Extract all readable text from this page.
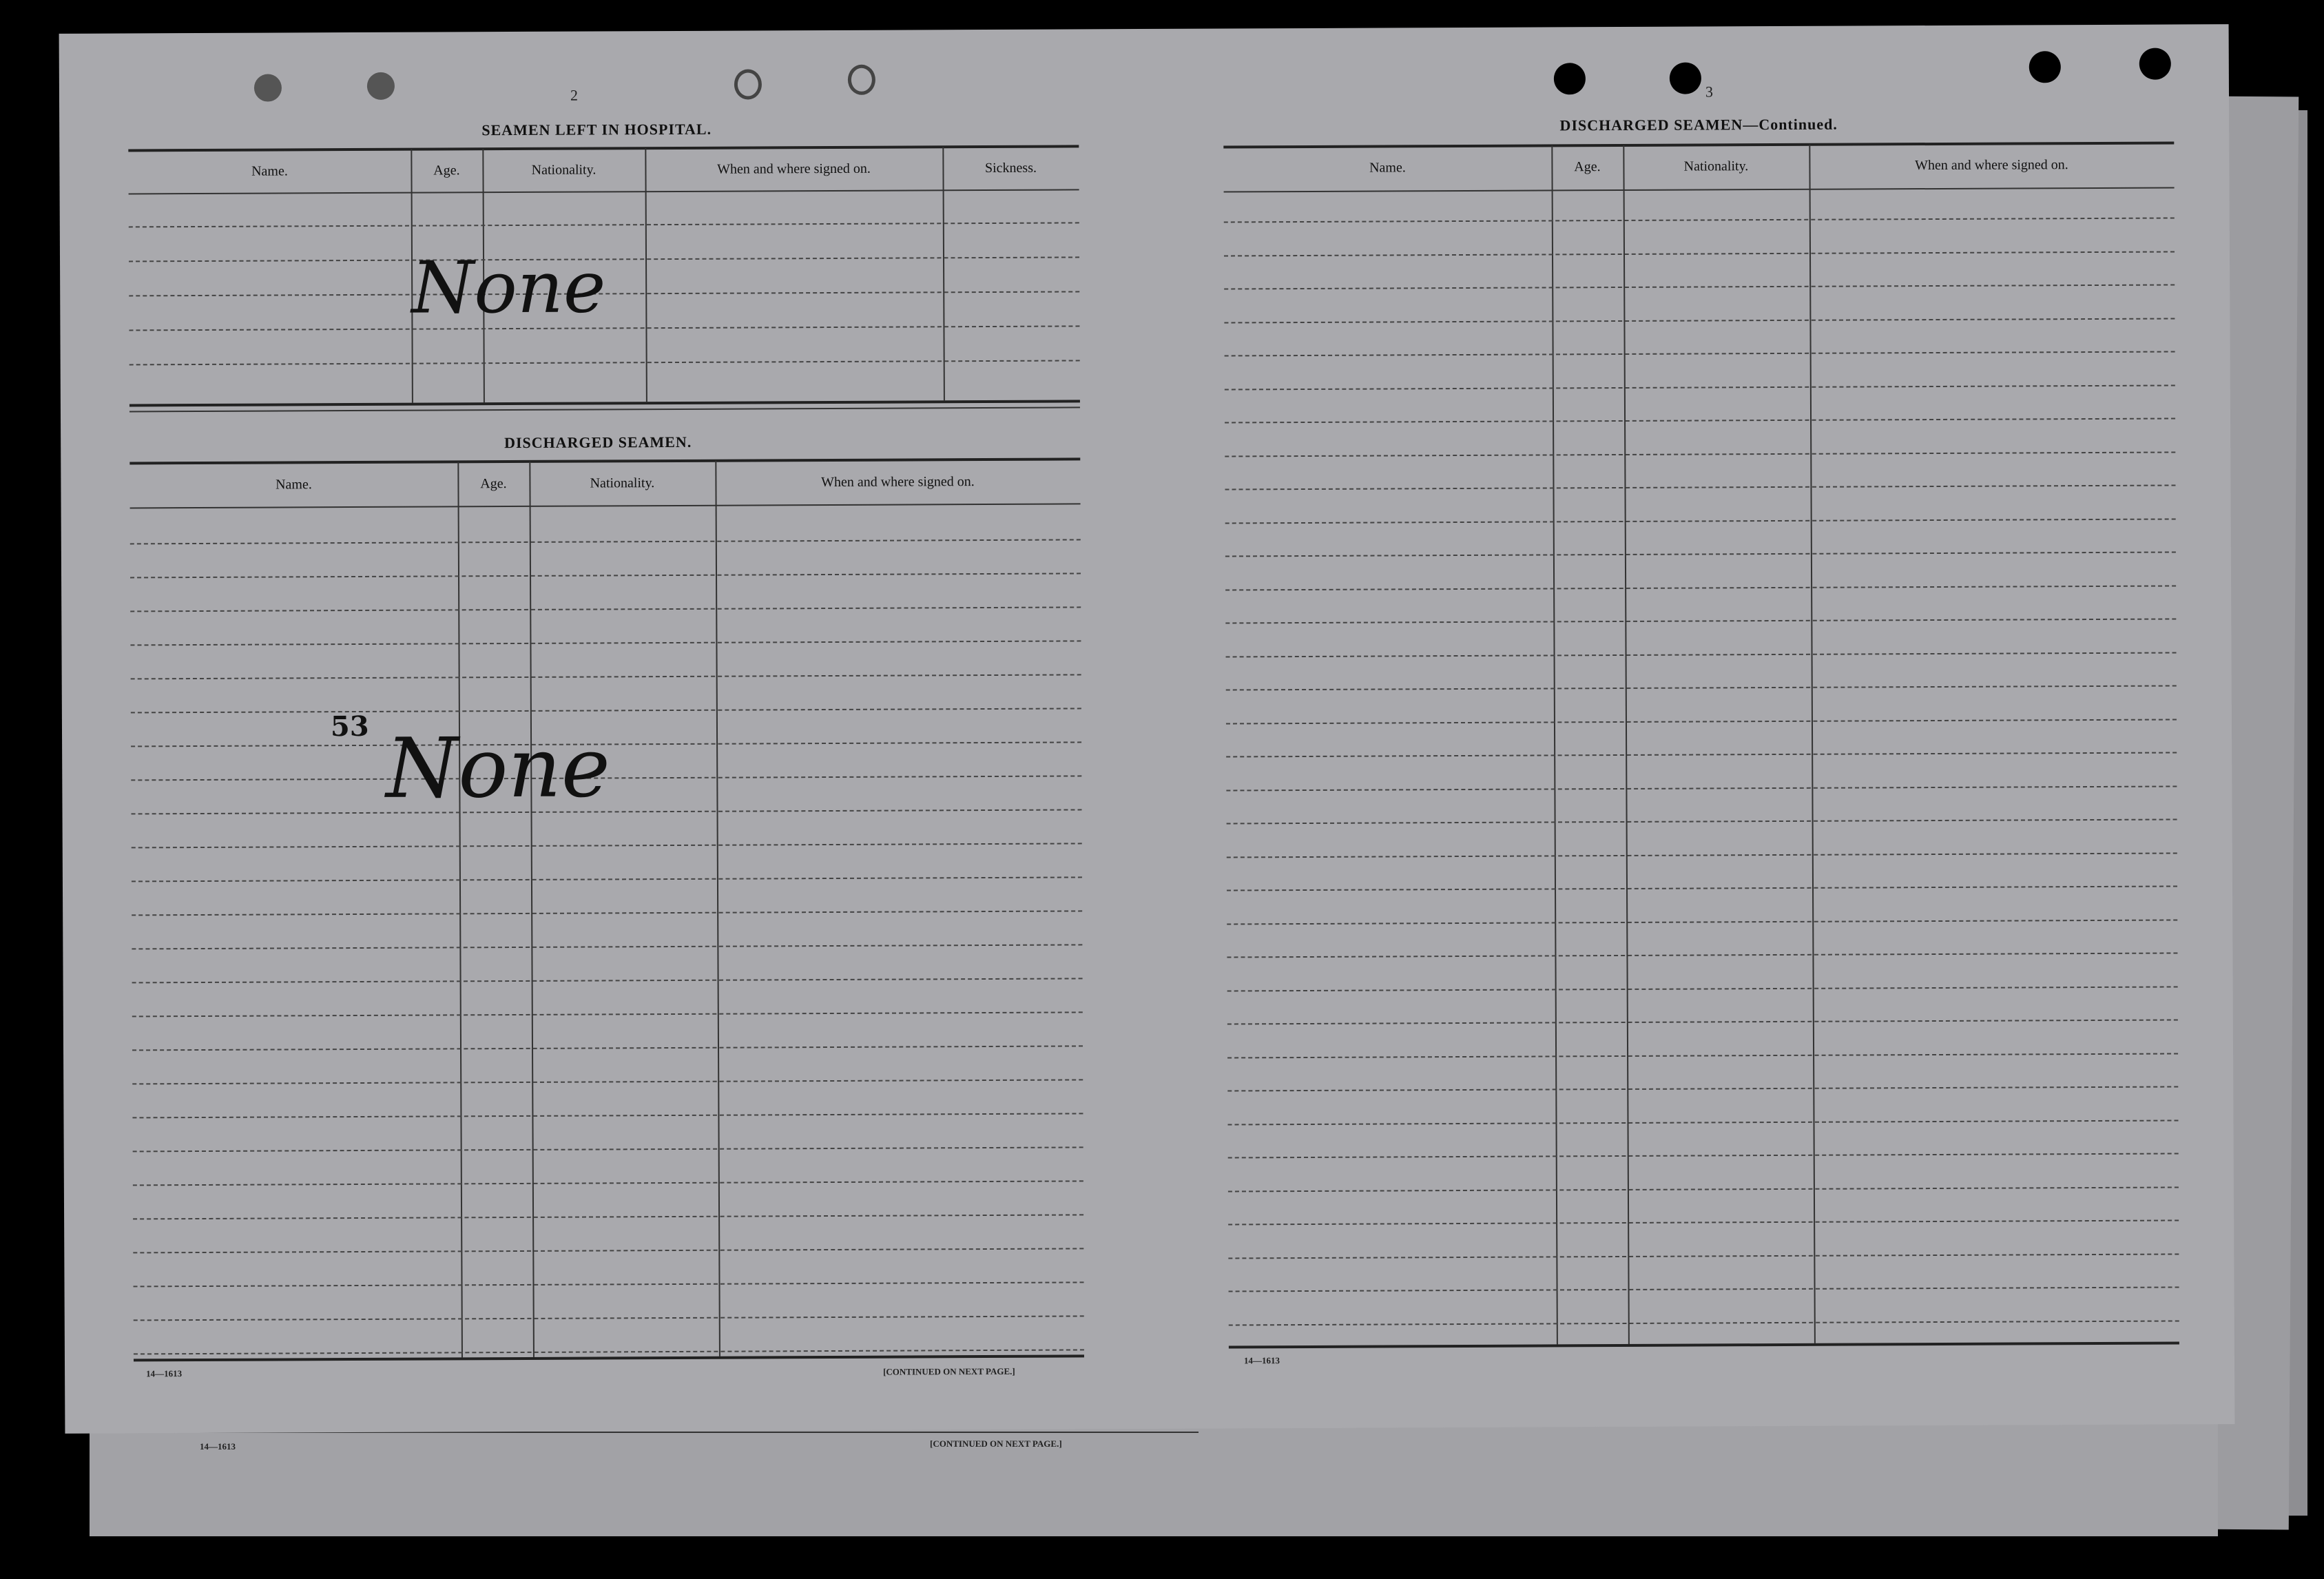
14—1613	[CONTINUED ON NEXT PAGE.]
2
SEAMEN LEFT IN HOSPITAL.
Name.	Age.	Nationality.	When and where signed on.	Sickness.
None
DISCHARGED SEAMEN.
Name.	Age.	Nationality.	When and where signed on.
53 None
14—1613	[CONTINUED ON NEXT PAGE.]
3
DISCHARGED SEAMEN—Continued.
Name.	Age.	Nationality.	When and where signed on.
14—1613
